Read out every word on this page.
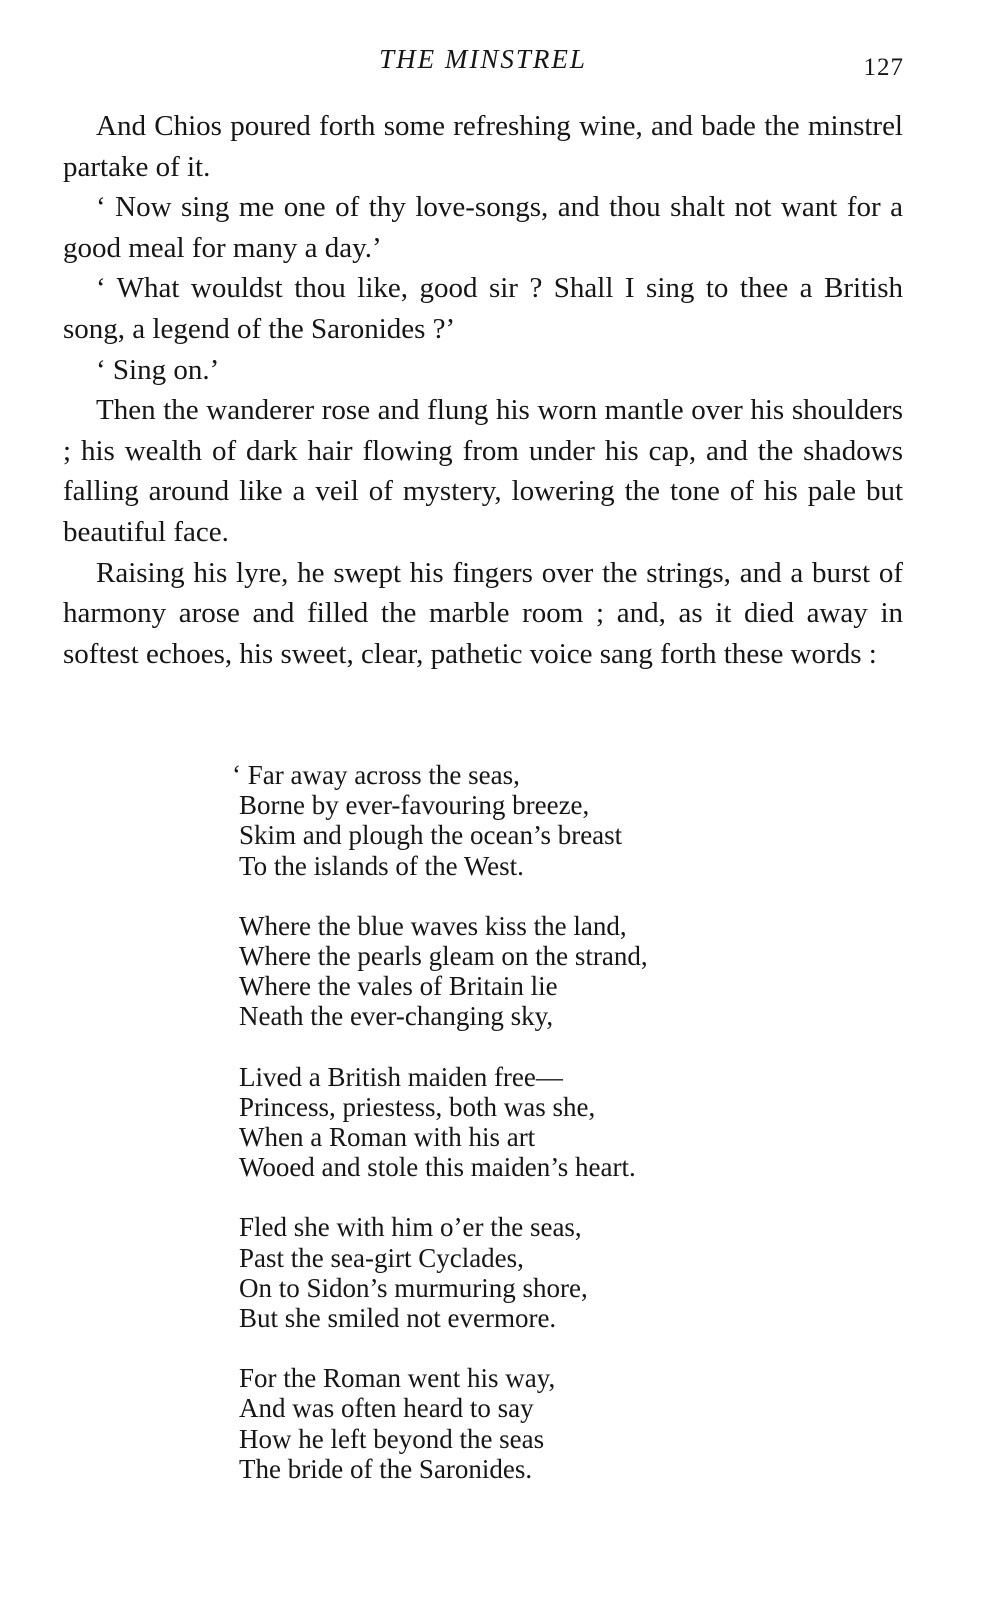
THE MINSTREL	127

And Chios poured forth some refreshing wine, and bade the minstrel partake of it.

‘ Now sing me one of thy love-songs, and thou shalt not want for a good meal for many a day.’

‘ What wouldst thou like, good sir ? Shall I sing to thee a British song, a legend of the Saronides ?’

‘ Sing on.’

Then the wanderer rose and flung his worn mantle over his shoulders ; his wealth of dark hair flowing from under his cap, and the shadows falling around like a veil of mystery, lowering the tone of his pale but beautiful face.

Raising his lyre, he swept his fingers over the strings, and a burst of harmony arose and filled the marble room ; and, as it died away in softest echoes, his sweet, clear, pathetic voice sang forth these words :

‘ Far away across the seas,
Borne by ever-favouring breeze,
Skim and plough the ocean’s breast
To the islands of the West.
Where the blue waves kiss the land,
Where the pearls gleam on the strand,
Where the vales of Britain lie
Neath the ever-changing sky,
Lived a British maiden free—
Princess, priestess, both was she,
When a Roman with his art
Wooed and stole this maiden’s heart.
Fled she with him o’er the seas,
Past the sea-girt Cyclades,
On to Sidon’s murmuring shore,
But she smiled not evermore.
For the Roman went his way,
And was often heard to say
How he left beyond the seas
The bride of the Saronides.
